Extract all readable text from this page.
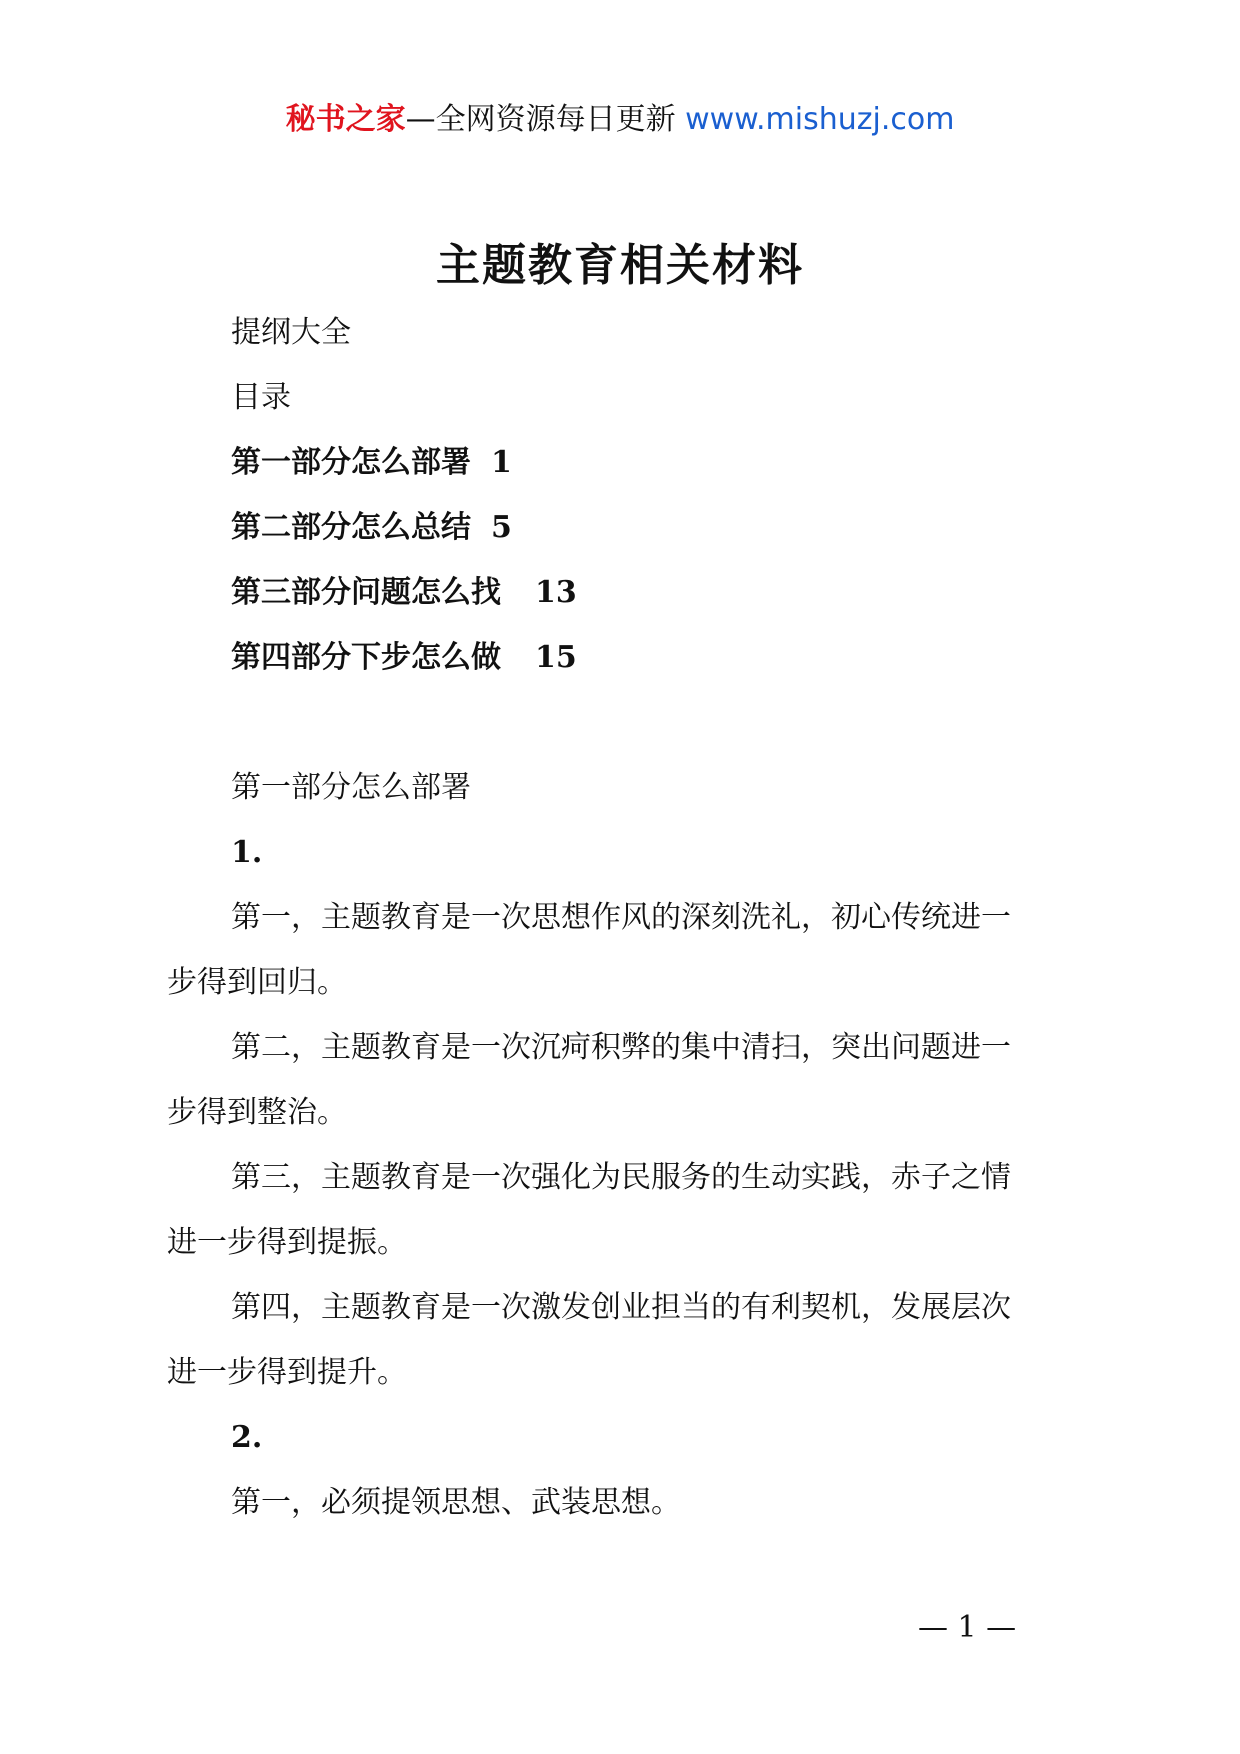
秘书之家—全网资源每日更新 www.mishuzj.com
主题教育相关材料
提纲大全
目录
第一部分怎么部署 1
第二部分怎么总结 5
第三部分问题怎么找 13
第四部分下步怎么做 15
第一部分怎么部署
1.
第一，主题教育是一次思想作风的深刻洗礼，初心传统进一
步得到回归。
第二，主题教育是一次沉疴积弊的集中清扫，突出问题进一
步得到整治。
第三，主题教育是一次强化为民服务的生动实践，赤子之情
进一步得到提振。
第四，主题教育是一次激发创业担当的有利契机，发展层次
进一步得到提升。
2.
第一，必须提领思想、武装思想。
— 1 —
